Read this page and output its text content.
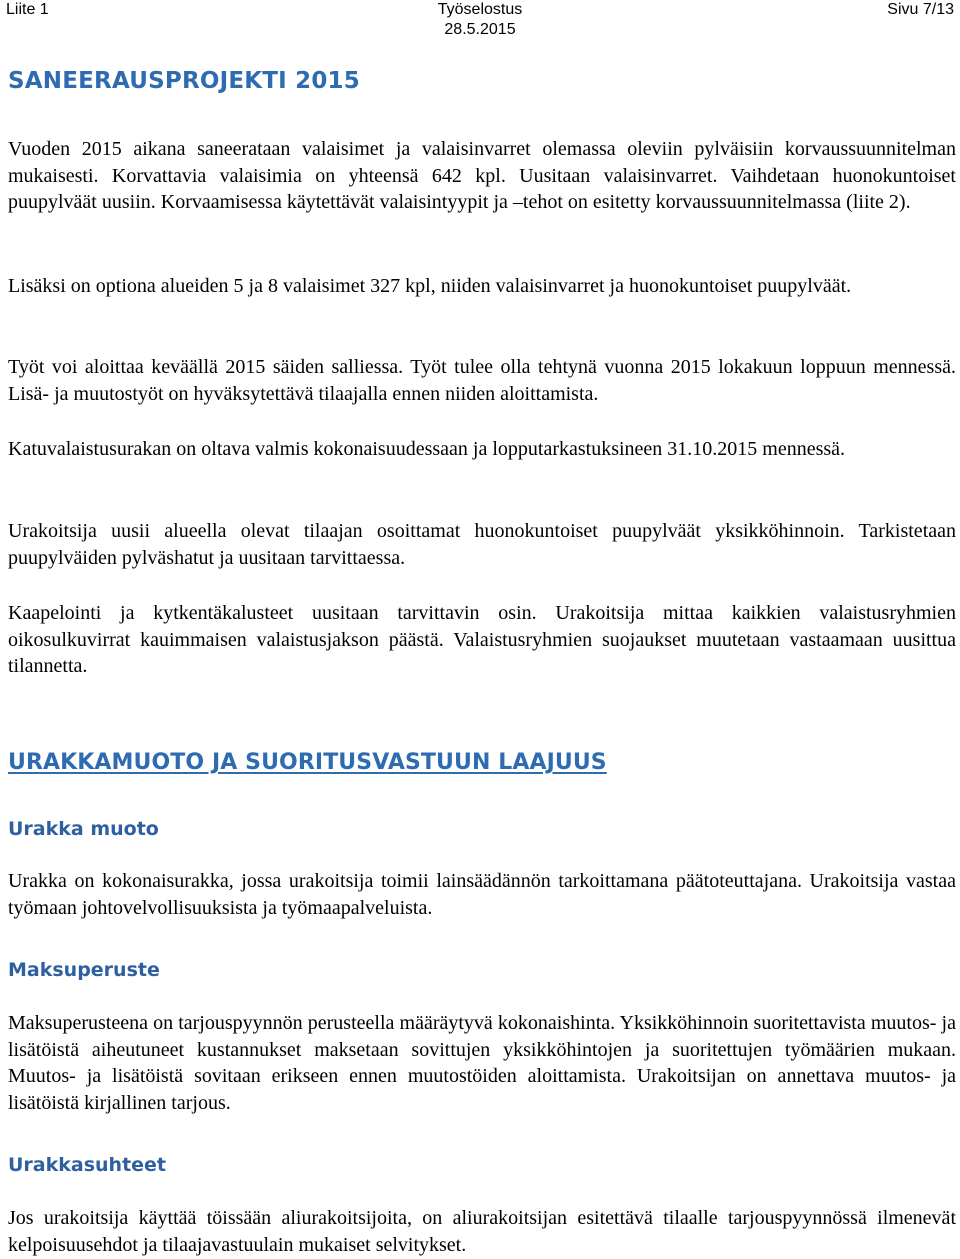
Liite 1	Työselostus
28.5.2015
Sivu 7/13
SANEERAUSPROJEKTI 2015

Vuoden 2015 aikana saneerataan valaisimet ja valaisinvarret olemassa oleviin pylväisiin korvaussuunnitelman mukaisesti. Korvattavia valaisimia on yhteensä 642 kpl. Uusitaan valaisinvarret. Vaihdetaan huonokuntoiset puupylväät uusiin. Korvaamisessa käytettävät valaisintyypit ja –tehot on esitetty korvaussuunnitelmassa (liite 2).

Lisäksi on optiona alueiden 5 ja 8 valaisimet 327 kpl, niiden valaisinvarret ja huonokuntoiset puupylväät.

Työt voi aloittaa keväällä 2015 säiden salliessa. Työt tulee olla tehtynä vuonna 2015 lokakuun loppuun mennessä. Lisä- ja muutostyöt on hyväksytettävä tilaajalla ennen niiden aloittamista.

Katuvalaistusurakan on oltava valmis kokonaisuudessaan ja lopputarkastuksineen 31.10.2015 mennessä.

Urakoitsija uusii alueella olevat tilaajan osoittamat huonokuntoiset puupylväät yksikköhinnoin. Tarkistetaan puupylväiden pylväshatut ja uusitaan tarvittaessa.

Kaapelointi ja kytkentäkalusteet uusitaan tarvittavin osin. Urakoitsija mittaa kaikkien valaistusryhmien oikosulkuvirrat kauimmaisen valaistusjakson päästä. Valaistusryhmien suojaukset muutetaan vastaamaan uusittua tilannetta.

URAKKAMUOTO JA SUORITUSVASTUUN LAAJUUS
Urakka muoto

Urakka on kokonaisurakka, jossa urakoitsija toimii lainsäädännön tarkoittamana päätoteuttajana. Urakoitsija vastaa työmaan johtovelvollisuuksista ja työmaapalveluista.

Maksuperuste

Maksuperusteena on tarjouspyynnön perusteella määräytyvä kokonaishinta. Yksikköhinnoin suoritettavista muutos- ja lisätöistä aiheutuneet kustannukset maksetaan sovittujen yksikköhintojen ja suoritettujen työmäärien mukaan. Muutos- ja lisätöistä sovitaan erikseen ennen muutostöiden aloittamista. Urakoitsijan on annettava muutos- ja lisätöistä kirjallinen tarjous.

Urakkasuhteet

Jos urakoitsija käyttää töissään aliurakoitsijoita, on aliurakoitsijan esitettävä tilaalle tarjouspyynnössä ilmenevät kelpoisuusehdot ja tilaajavastuulain mukaiset selvitykset.
